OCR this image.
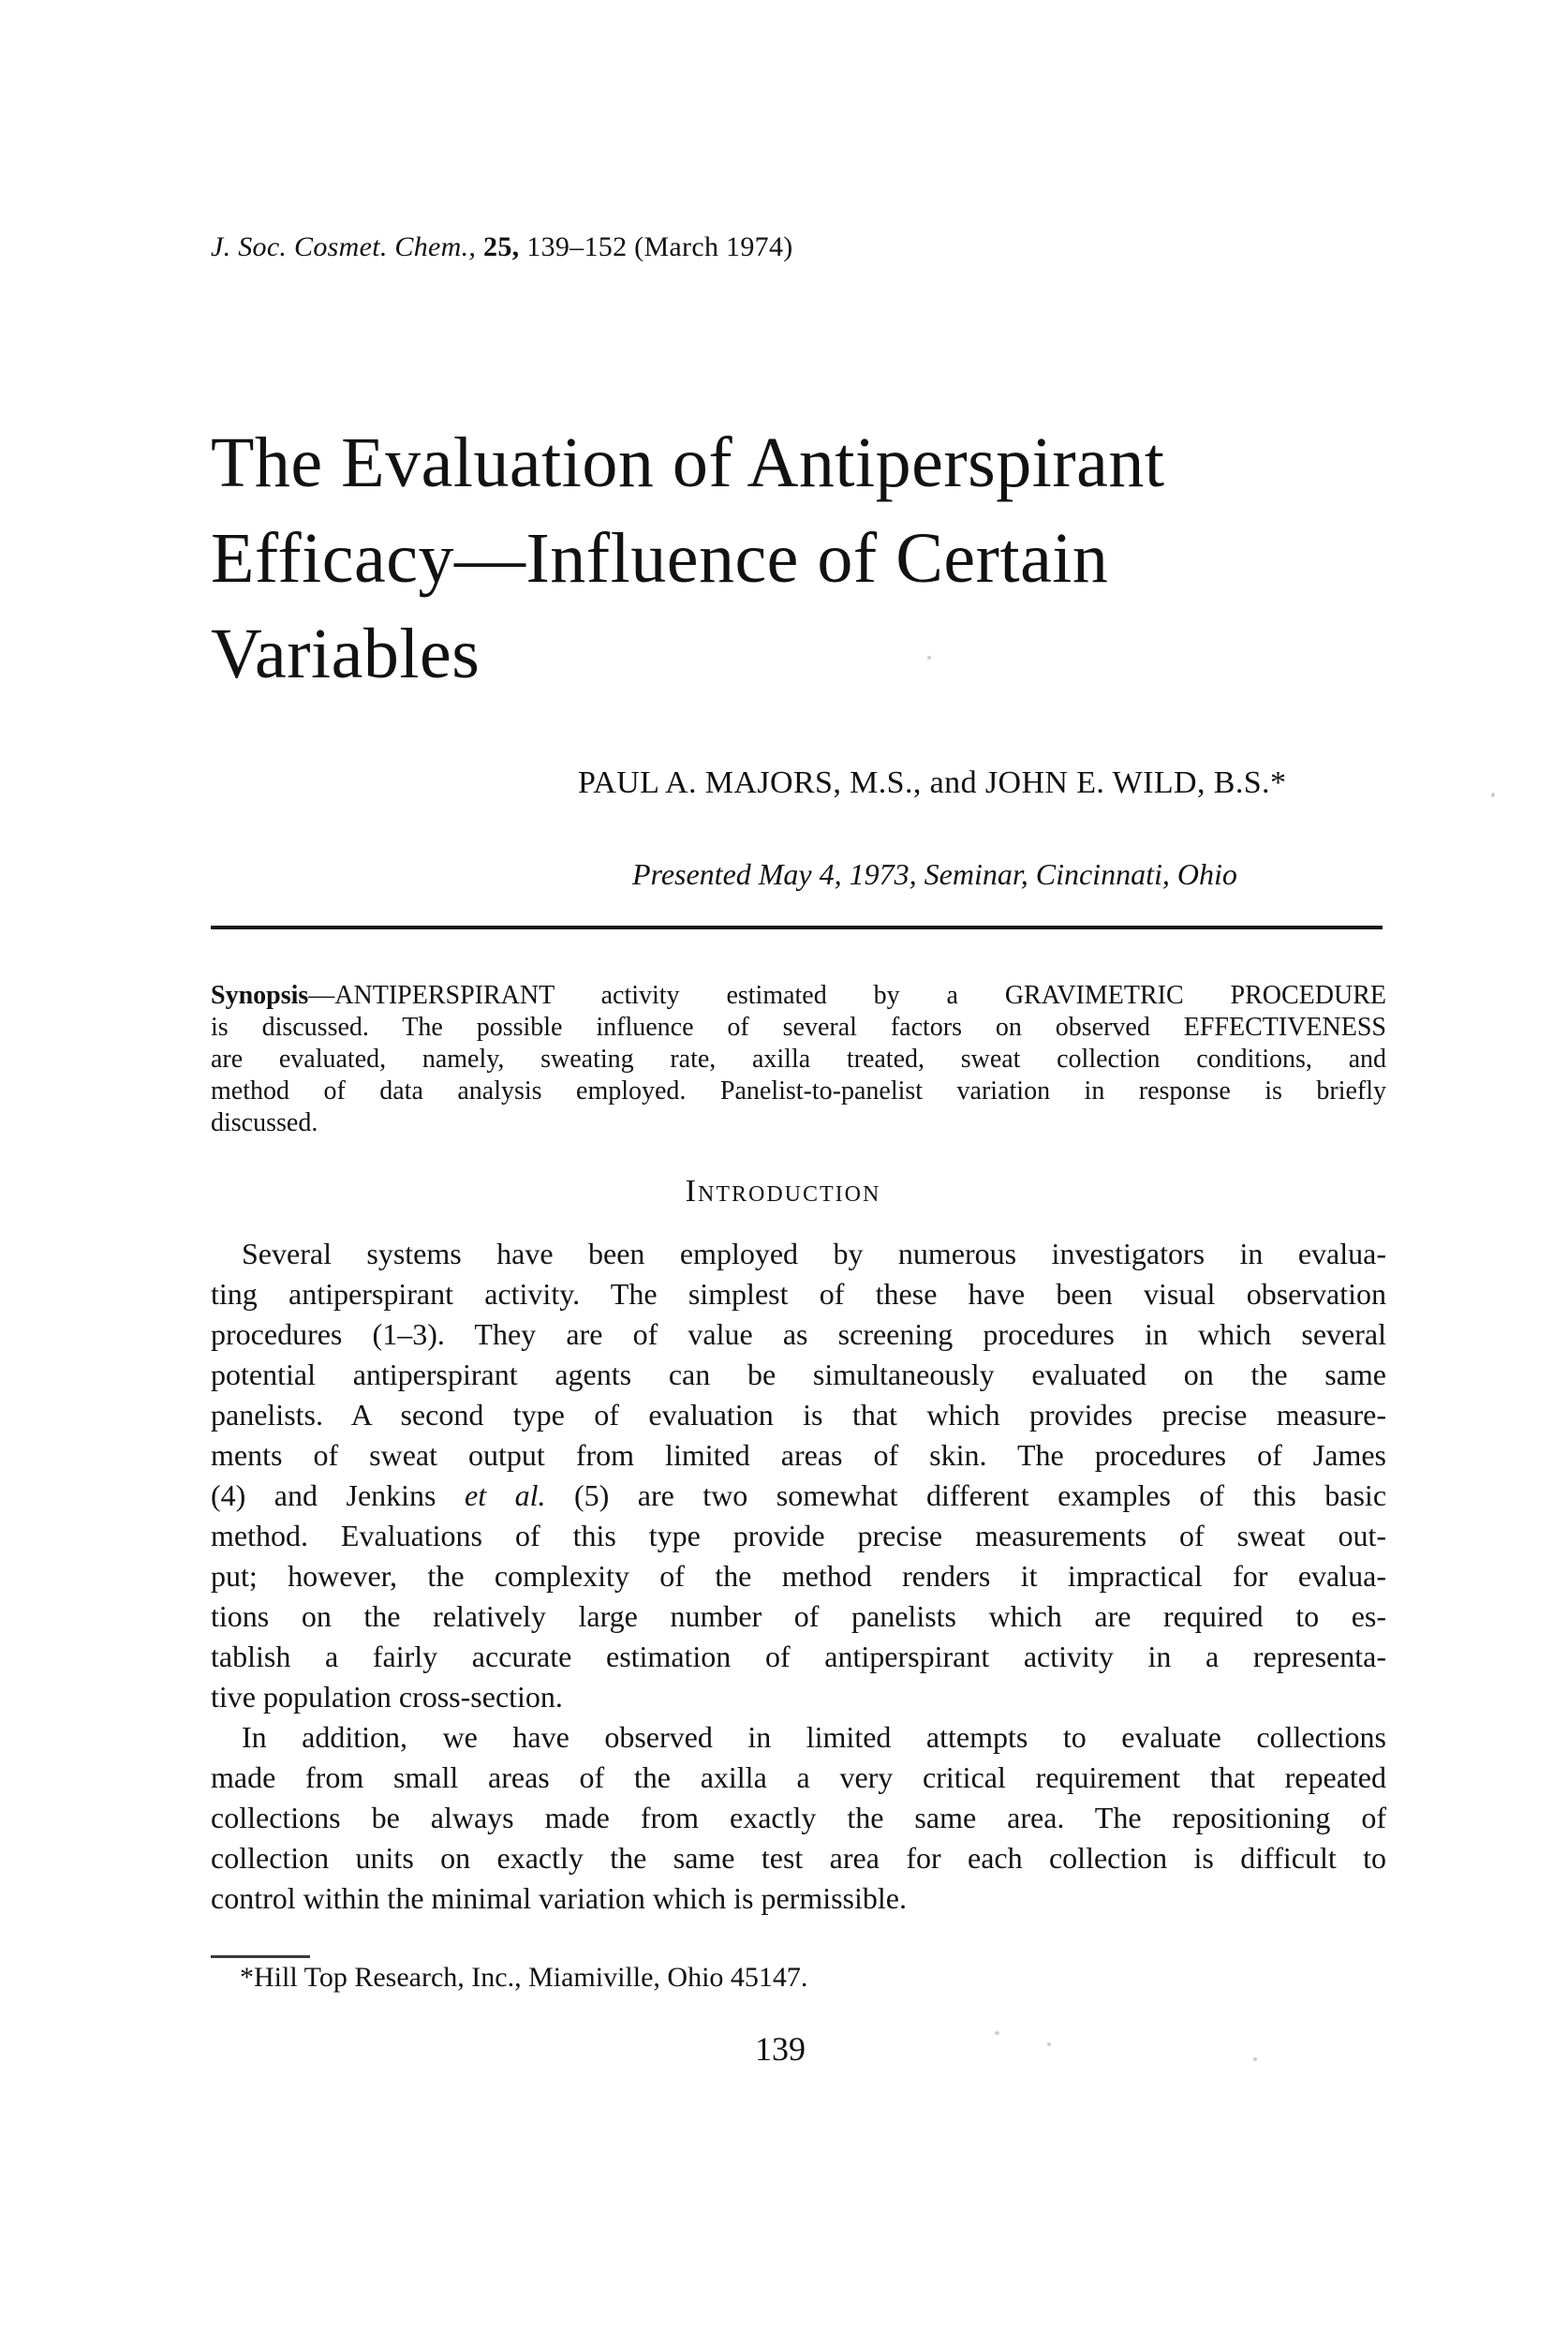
J. Soc. Cosmet. Chem., 25, 139–152 (March 1974)
The Evaluation of Antiperspirant
Efficacy—Influence of Certain
Variables
PAUL A. MAJORS, M.S., and JOHN E. WILD, B.S.*
Presented May 4, 1973, Seminar, Cincinnati, Ohio
Synopsis—ANTIPERSPIRANT activity estimated by a GRAVIMETRIC PROCEDURE
is discussed. The possible influence of several factors on observed EFFECTIVENESS
are evaluated, namely, sweating rate, axilla treated, sweat collection conditions, and
method of data analysis employed. Panelist-to-panelist variation in response is briefly
discussed.
Introduction
Several systems have been employed by numerous investigators in evalua-
ting antiperspirant activity. The simplest of these have been visual observation
procedures (1–3). They are of value as screening procedures in which several
potential antiperspirant agents can be simultaneously evaluated on the same
panelists. A second type of evaluation is that which provides precise measure-
ments of sweat output from limited areas of skin. The procedures of James
(4) and Jenkins et al. (5) are two somewhat different examples of this basic
method. Evaluations of this type provide precise measurements of sweat out-
put; however, the complexity of the method renders it impractical for evalua-
tions on the relatively large number of panelists which are required to es-
tablish a fairly accurate estimation of antiperspirant activity in a representa-
tive population cross-section.
In addition, we have observed in limited attempts to evaluate collections
made from small areas of the axilla a very critical requirement that repeated
collections be always made from exactly the same area. The repositioning of
collection units on exactly the same test area for each collection is difficult to
control within the minimal variation which is permissible.
*Hill Top Research, Inc., Miamiville, Ohio 45147.
139
